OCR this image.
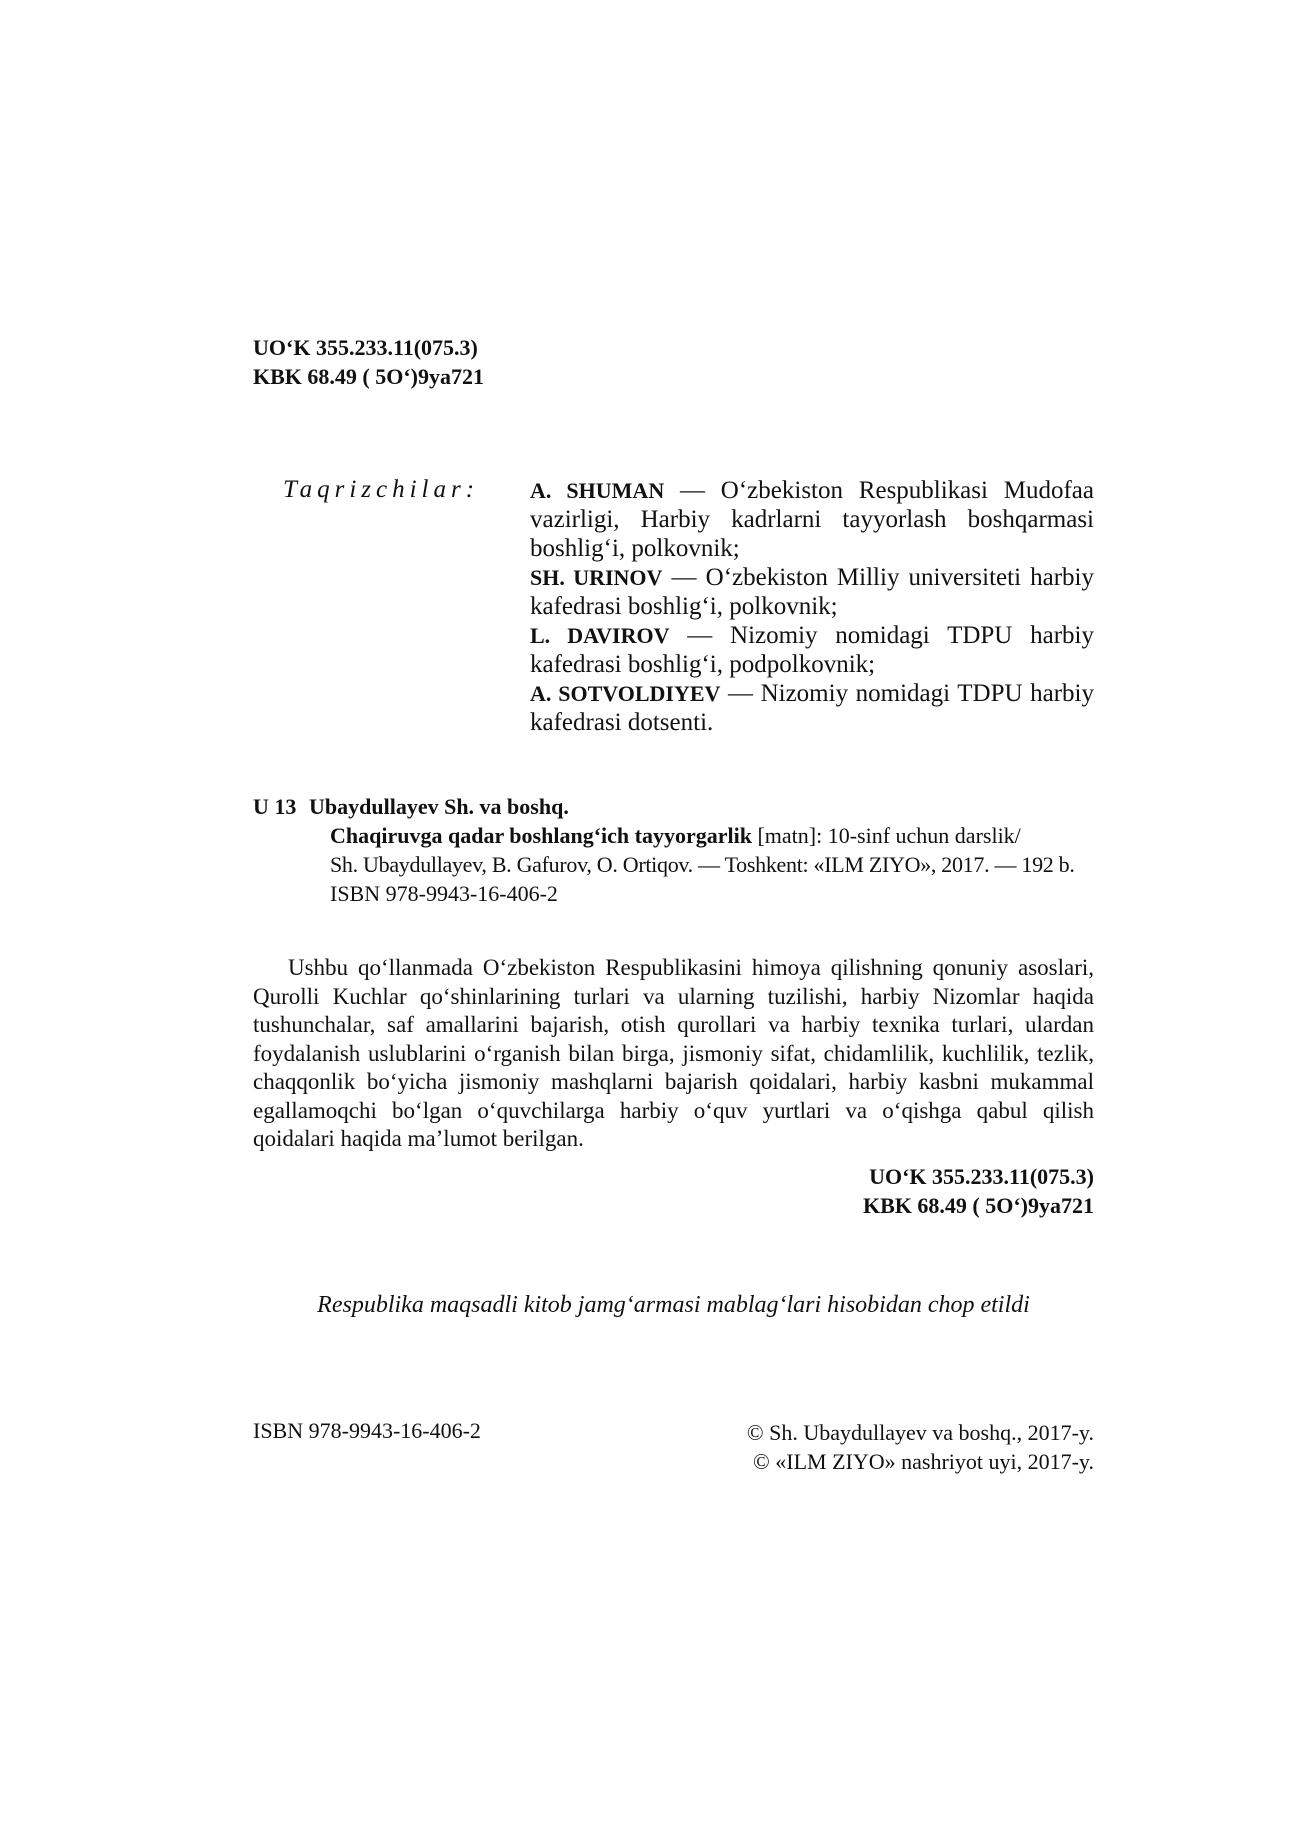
UO‘K 355.233.11(075.3)
KBK 68.49 ( 5O‘)9ya721
Taqrizchilar: A. SHUMAN — O‘zbekiston Respublikasi Mudofaa vazirligi, Harbiy kadrlarni tayyorlash boshqarmasi boshlig‘i, polkovnik;

SH. URINOV — O‘zbekiston Milliy universiteti harbiy kafedrasi boshlig‘i, polkovnik;

L. DAVIROV — Nizomiy nomidagi TDPU harbiy kafedrasi boshlig‘i, podpolkovnik;

A. SOTVOLDIYEV — Nizomiy nomidagi TDPU harbiy kafedrasi dotsenti.

U 13 Ubaydullayev Sh. va boshq.
Chaqiruvga qadar boshlang‘ich tayyorgarlik [matn]: 10-sinf uchun darslik/
Sh. Ubaydullayev, B. Gafurov, O. Ortiqov. — Toshkent: «ILM ZIYO», 2017. — 192 b.
ISBN 978-9943-16-406-2

Ushbu qo‘llanmada O‘zbekiston Respublikasini himoya qilishning qonuniy asoslari, Qurolli Kuchlar qo‘shinlarining turlari va ularning tuzilishi, harbiy Nizomlar haqida tushunchalar, saf amallarini bajarish, otish qurollari va harbiy texnika turlari, ulardan foydalanish uslublarini o‘rganish bilan birga, jismoniy sifat, chidamlilik, kuchlilik, tezlik, chaqqonlik bo‘yicha jismoniy mashqlarni bajarish qoidalari, harbiy kasbni mukammal egallamoqchi bo‘lgan o‘quvchilarga harbiy o‘quv yurtlari va o‘qishga qabul qilish qoidalari haqida ma’lumot berilgan.

UO‘K 355.233.11(075.3)
KBK 68.49 ( 5O‘)9ya721
Respublika maqsadli kitob jamg‘armasi mablag‘lari hisobidan chop etildi
ISBN 978-9943-16-406-2	© Sh. Ubaydullayev va boshq., 2017-y.
© «ILM ZIYO» nashriyot uyi, 2017-y.
